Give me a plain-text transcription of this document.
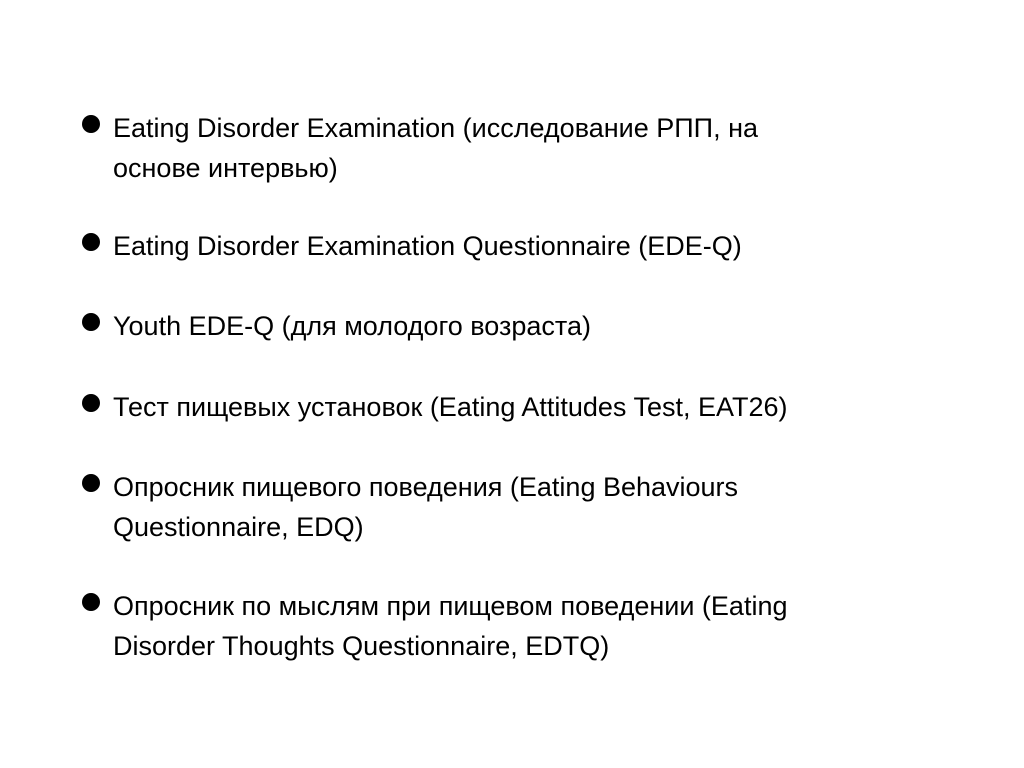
Eating Disorder Examination (исследование РПП, на
основе интервью)
Eating Disorder Examination Questionnaire (EDE-Q)
Youth EDE-Q (для молодого возраста)
Тест пищевых установок (Eating Attitudes Test, EAT26)
Опросник пищевого поведения (Eating Behaviours
Questionnaire, EDQ)
Опросник по мыслям при пищевом поведении (Eating
Disorder Thoughts Questionnaire, EDTQ)
